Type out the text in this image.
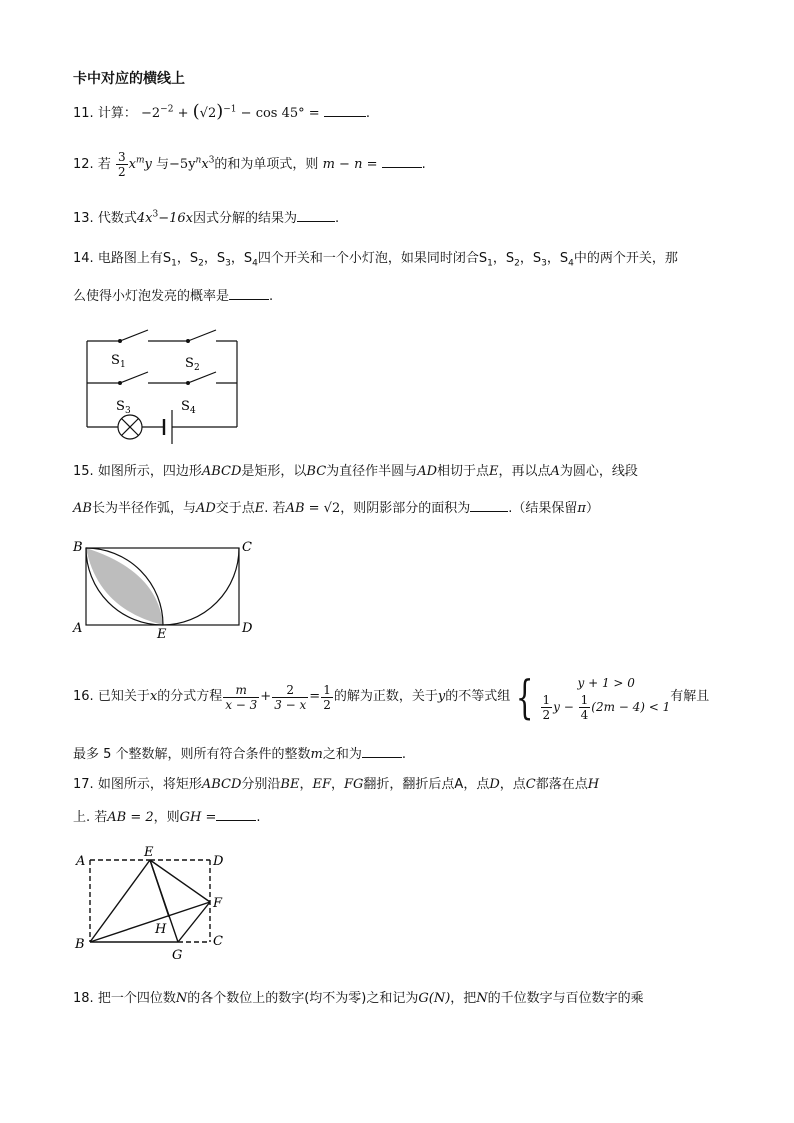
卡中对应的横线上
11. 计算： $-2^{-2} + (√2)^{-1} - \cos 45^\circ$ =	.
12. 若 $\frac{3}{2} x^my$ 与$-5y^nx^3$的和为单项式，则 m − n =	.
13. 代数式$4x^3-16x$因式分解的结果为	.
14. 电路图上有$S_1$，$S_2$，$S_3$，$S_4$四个开关和一个小灯泡，如果同时闭合$S_1$，$S_2$，$S_3$，$S_4$中的两个开关，那
么使得小灯泡发亮的概率是	.
S 1	S 2
S 3	S 4
15. 如图所示，四边形ABCD是矩形，以BC为直径作半圆与AD相切于点E，再以点A为圆心，线段
AB长为半径作弧，与AD交于点E. 若AB = √2，则阴影部分的面积为	.（结果保留π）
B	C
A	E	D
16.
已知关于 x 的分式方程 $\frac{m}{x - 3} + \frac{2}{3 - x} = \frac{1}{2}$ 的解为正数，关于 y 的不等式组 {	y + 1 > 0
$\frac{1}{2}$ $y - \frac{1}{4} (2m - 4) < 1$
有解且
最多 5 个整数解，则所有符合条件的整数m之和为	.
17. 如图所示，将矩形ABCD分别沿BE，EF，FG翻折，翻折后点A，点D，点C都落在点H
上. 若AB = 2，则GH =	.
A
E
D
F
H
B
G
C
18. 把一个四位数N的各个数位上的数字(均不为零)之和记为G(N)，把N的千位数字与百位数字的乘
